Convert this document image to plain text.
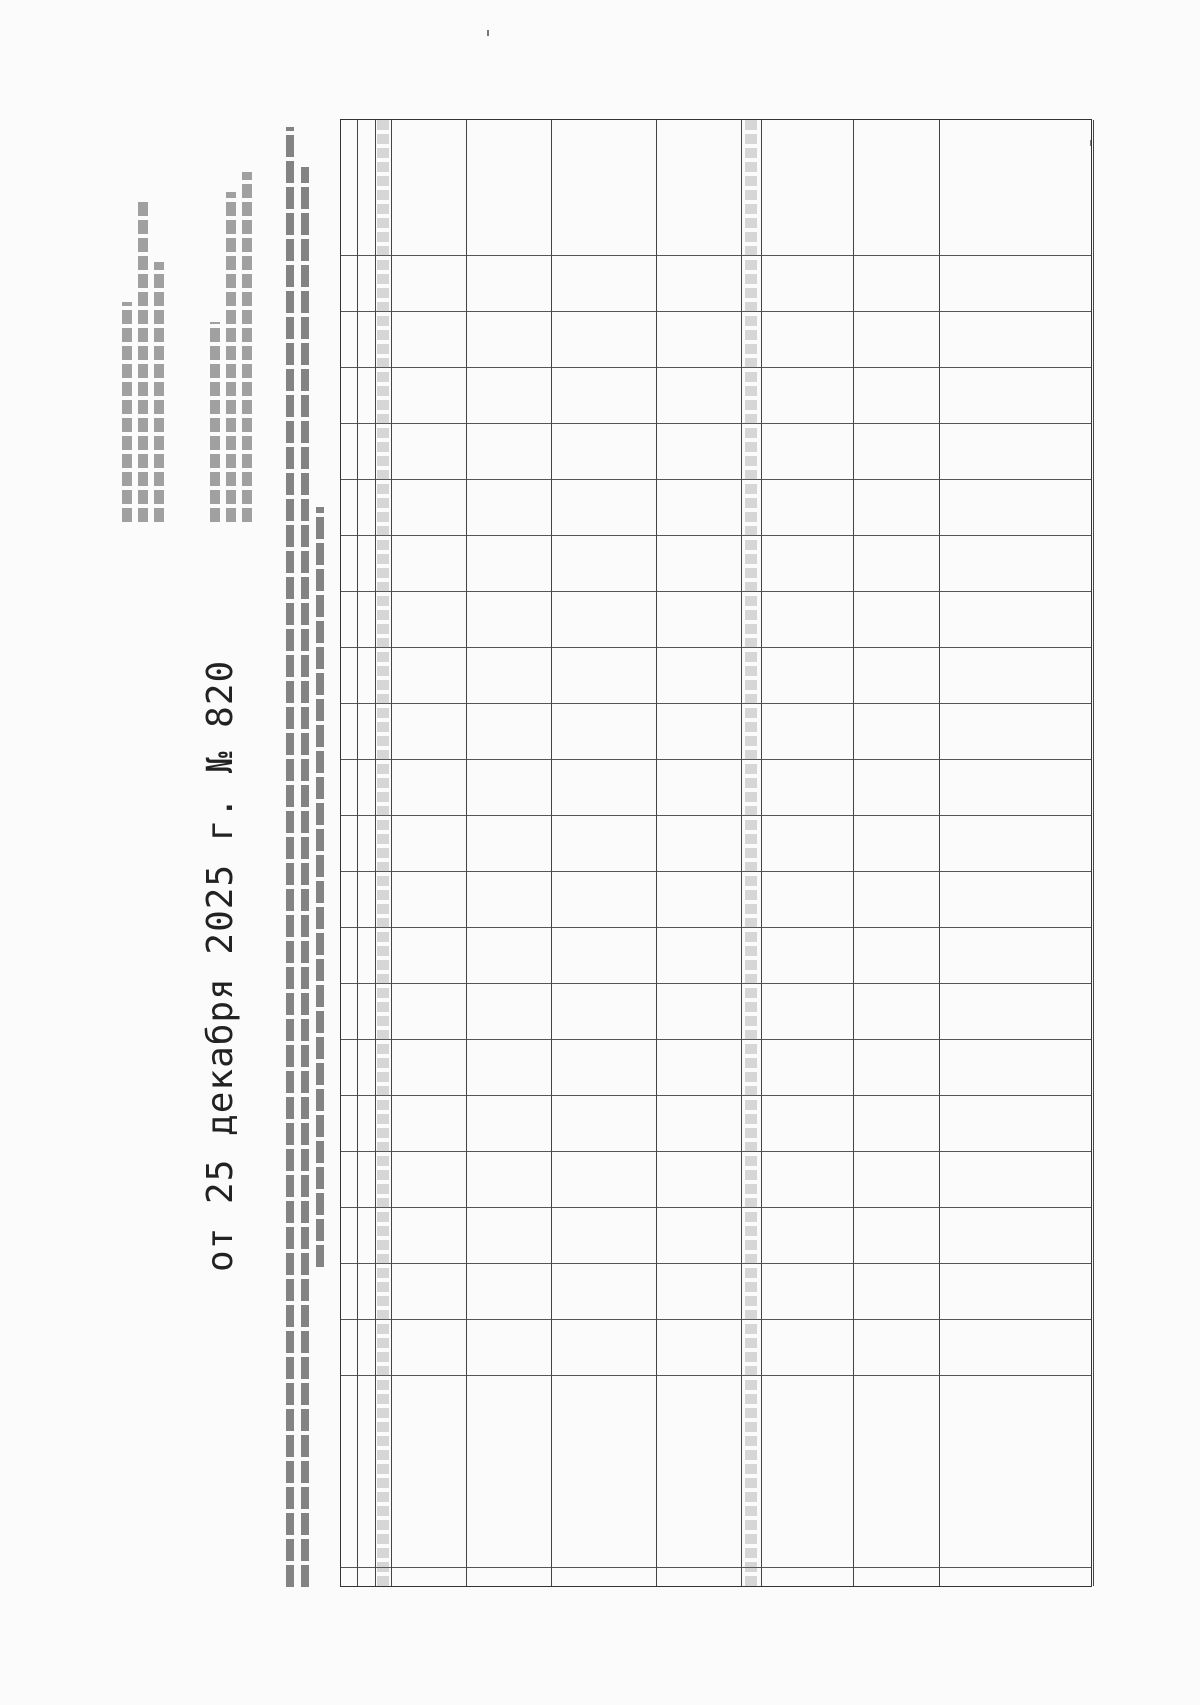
от 25 декабря 2025 г. № 820
